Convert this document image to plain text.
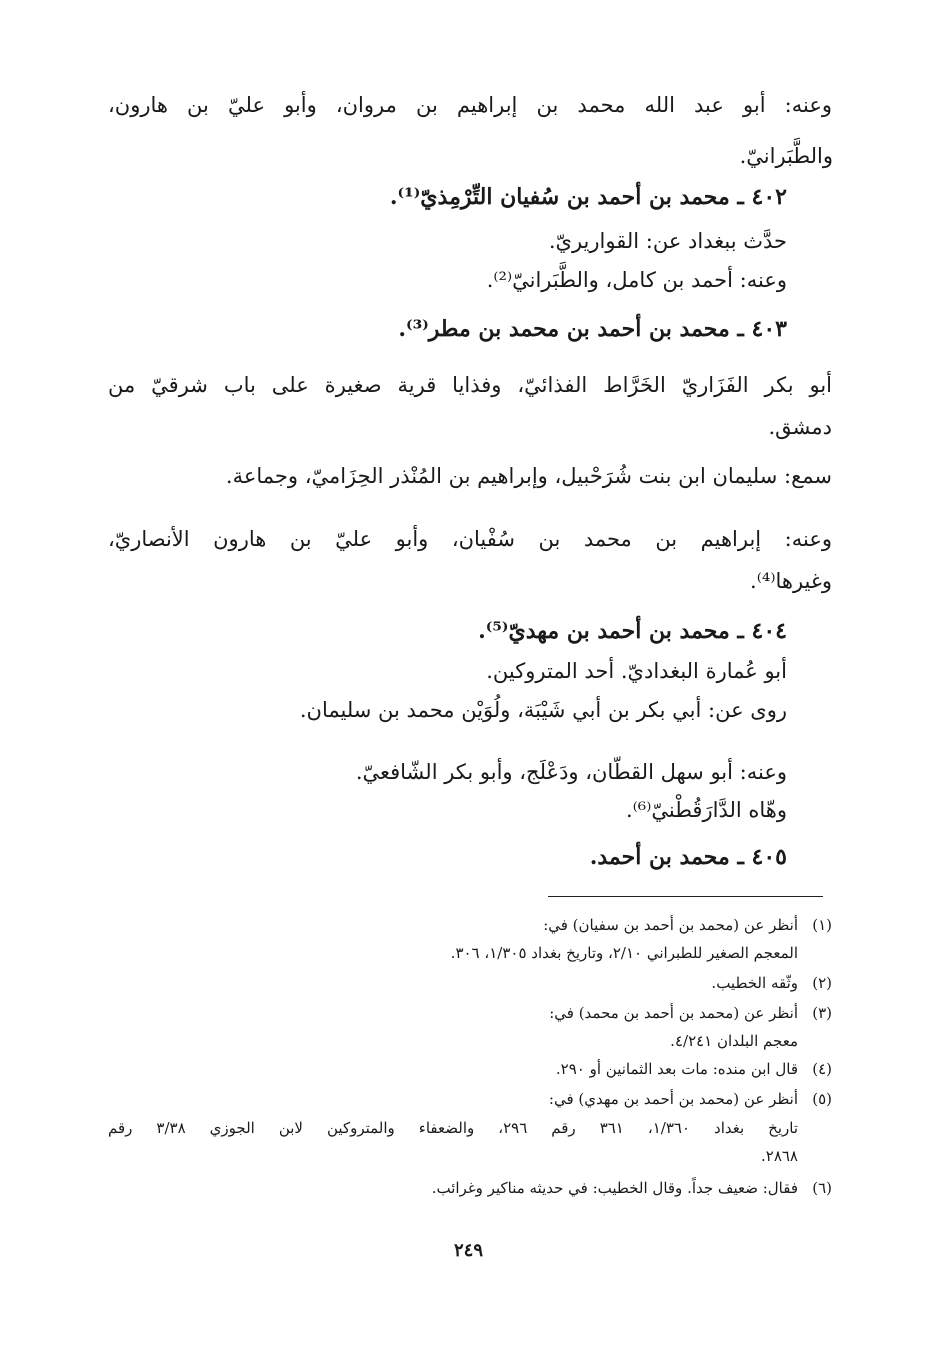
وعنه: أبو عبد الله محمد بن إبراهيم بن مروان، وأبو عليّ بن هارون،
والطَّبَرانيّ.
٤٠٢ ـ محمد بن أحمد بن سُفيان التِّرْمِذيّ⁽¹⁾.
حدَّث ببغداد عن: القواريريّ.
وعنه: أحمد بن كامل، والطَّبَرانيّ⁽²⁾.
٤٠٣ ـ محمد بن أحمد بن محمد بن مطر⁽³⁾.
أبو بكر الفَزَاريّ الخَرَّاط الفذائيّ، وفذايا قرية صغيرة على باب شرقيّ من
دمشق.
سمع: سليمان ابن بنت شُرَحْبيل، وإبراهيم بن المُنْذر الحِزَاميّ، وجماعة.
وعنه: إبراهيم بن محمد بن سُفْيان، وأبو عليّ بن هارون الأنصاريّ،
وغيرها⁽⁴⁾.
٤٠٤ ـ محمد بن أحمد بن مهديّ⁽⁵⁾.
أبو عُمارة البغداديّ. أحد المتروكين.
روى عن: أبي بكر بن أبي شَيْبَة، ولُوَيْن محمد بن سليمان.
وعنه: أبو سهل القطّان، ودَعْلَج، وأبو بكر الشّافعيّ.
وهّاه الدَّارَقُطْنيّ⁽⁶⁾.
٤٠٥ ـ محمد بن أحمد.
(١)أنظر عن (محمد بن أحمد بن سفيان) في:
المعجم الصغير للطبراني ٢/١٠، وتاريخ بغداد ١/٣٠٥، ٣٠٦.
(٢)وثّقه الخطيب.
(٣)أنظر عن (محمد بن أحمد بن محمد) في:
معجم البلدان ٤/٢٤١.
(٤)قال ابن منده: مات بعد الثمانين أو ٢٩٠.
(٥)أنظر عن (محمد بن أحمد بن مهدي) في:
تاريخ بغداد ١/٣٦٠، ٣٦١ رقم ٢٩٦، والضعفاء والمتروكين لابن الجوزي ٣/٣٨ رقم
٢٨٦٨.
(٦)فقال: ضعيف جداً. وقال الخطيب: في حديثه مناكير وغرائب.
٢٤٩
